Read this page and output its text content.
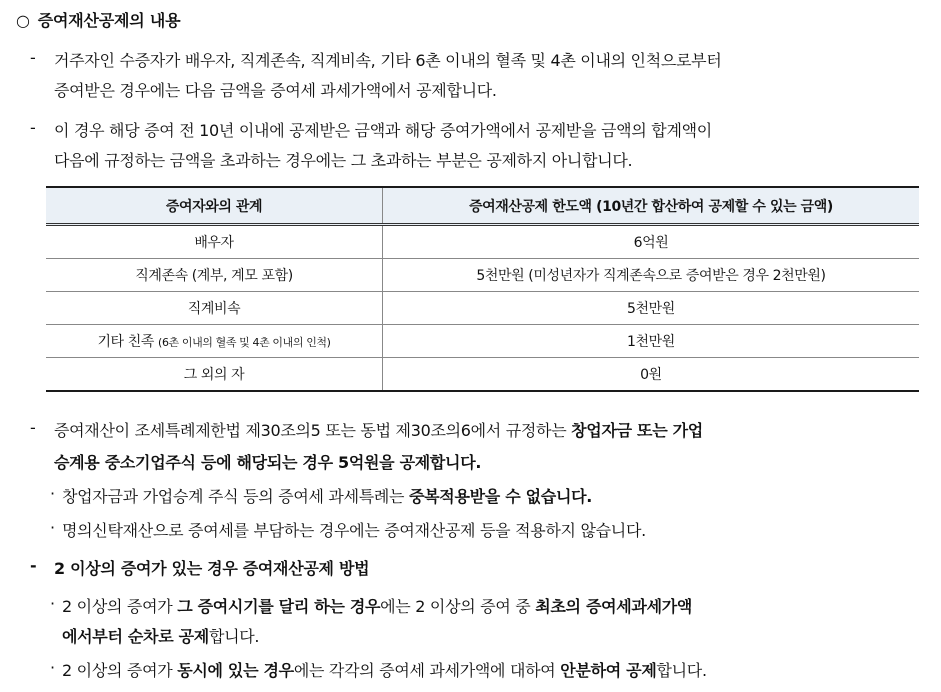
○ 증여재산공제의 내용
- 거주자인 수증자가 배우자, 직계존속, 직계비속, 기타 6촌 이내의 혈족 및 4촌 이내의 인척으로부터
증여받은 경우에는 다음 금액을 증여세 과세가액에서 공제합니다.
- 이 경우 해당 증여 전 10년 이내에 공제받은 금액과 해당 증여가액에서 공제받을 금액의 합계액이
다음에 규정하는 금액을 초과하는 경우에는 그 초과하는 부분은 공제하지 아니합니다.
증여자와의 관계	증여재산공제 한도액 (10년간 합산하여 공제할 수 있는 금액)
배우자	6억원
직계존속 (계부, 계모 포함)	5천만원 (미성년자가 직계존속으로 증여받은 경우 2천만원)
직계비속	5천만원
기타 친족 (6촌 이내의 혈족 및 4촌 이내의 인척)	1천만원
그 외의 자	0원
- 증여재산이 조세특례제한법 제30조의5 또는 동법 제30조의6에서 규정하는 창업자금 또는 가업
승계용 중소기업주식 등에 해당되는 경우 5억원을 공제합니다.
· 창업자금과 가업승계 주식 등의 증여세 과세특례는 중복적용받을 수 없습니다.
· 명의신탁재산으로 증여세를 부담하는 경우에는 증여재산공제 등을 적용하지 않습니다.
- 2 이상의 증여가 있는 경우 증여재산공제 방법
· 2 이상의 증여가 그 증여시기를 달리 하는 경우에는 2 이상의 증여 중 최초의 증여세과세가액
에서부터 순차로 공제합니다.
· 2 이상의 증여가 동시에 있는 경우에는 각각의 증여세 과세가액에 대하여 안분하여 공제합니다.
